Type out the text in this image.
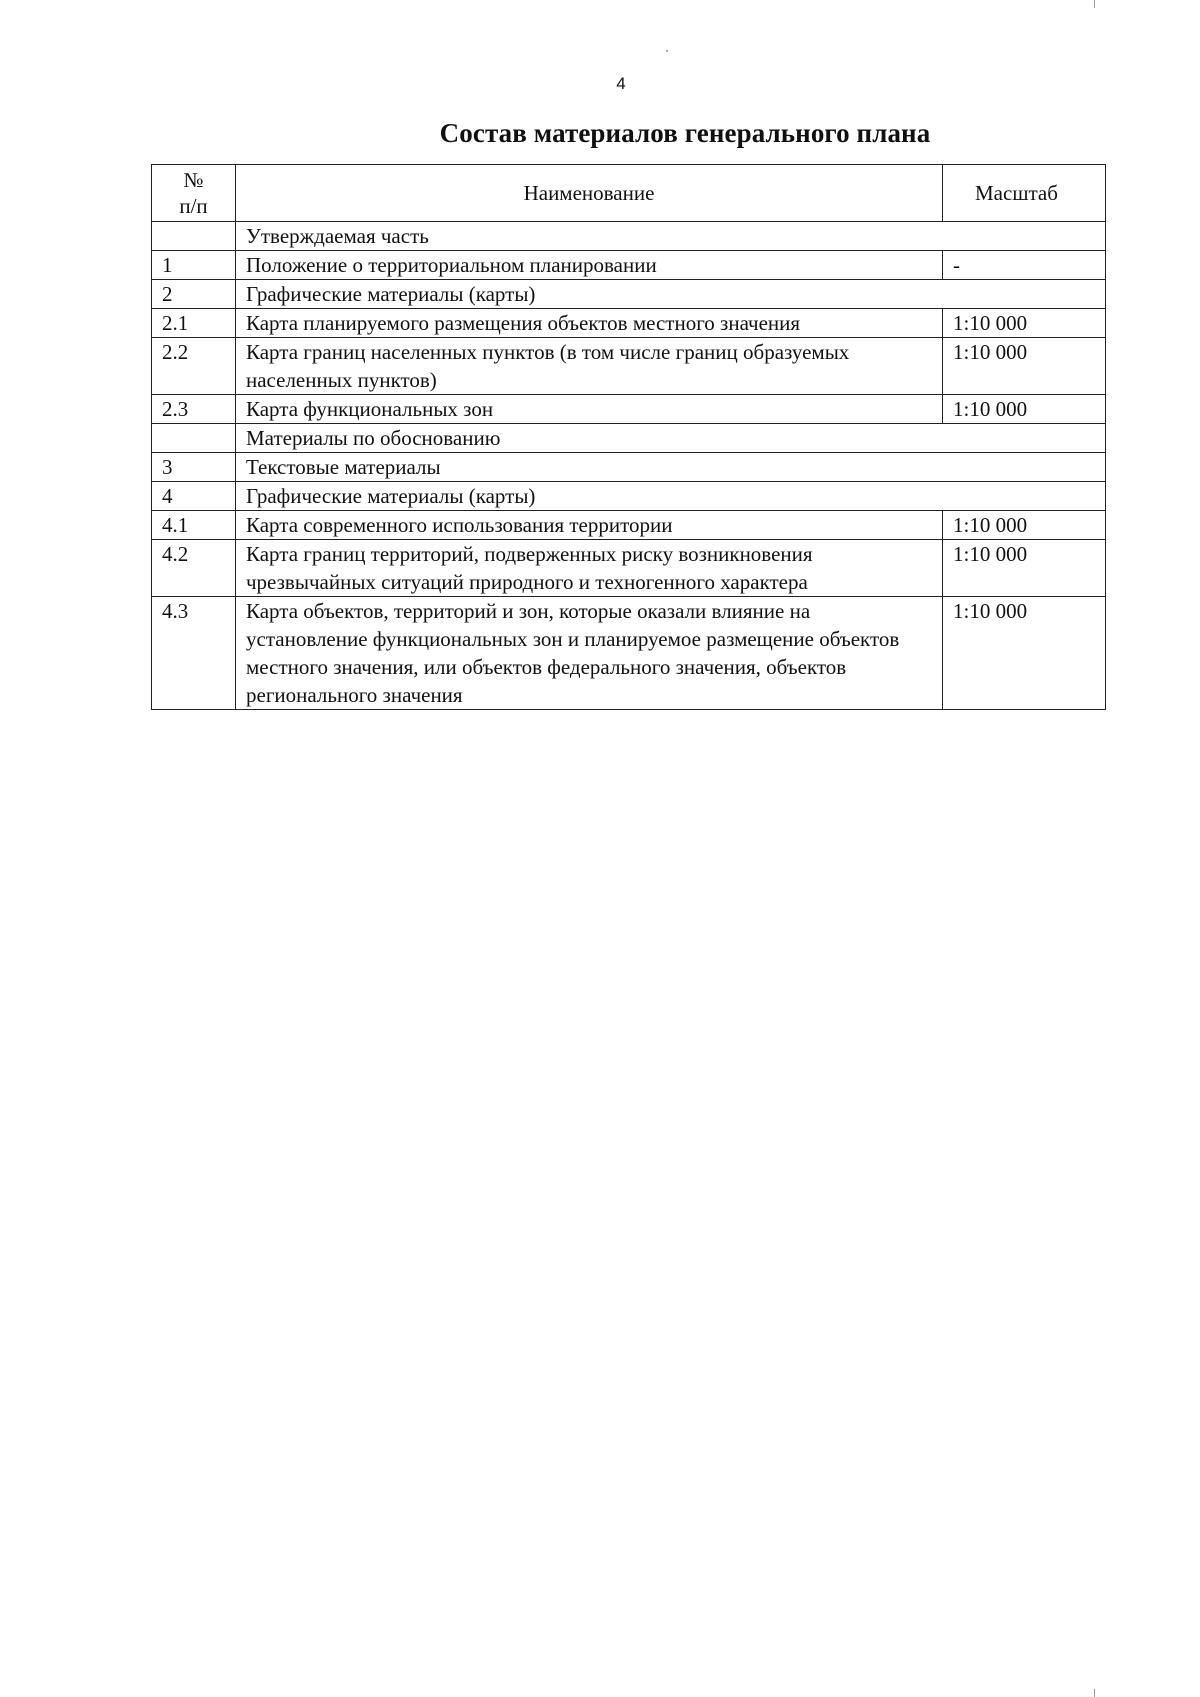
4
Состав материалов генерального плана
№
п/п	Наименование	Масштаб
	Утверждаемая часть	
1	Положение о территориальном планировании	-
2	Графические материалы (карты)	
2.1	Карта планируемого размещения объектов местного значения	1:10 000
2.2	Карта границ населенных пунктов (в том числе границ образуемых населенных пунктов)	1:10 000
2.3	Карта функциональных зон	1:10 000
	Материалы по обоснованию	
3	Текстовые материалы	
4	Графические материалы (карты)	
4.1	Карта современного использования территории	1:10 000
4.2	Карта границ территорий, подверженных риску возникновения чрезвычайных ситуаций природного и техногенного характера	1:10 000
4.3	Карта объектов, территорий и зон, которые оказали влияние на установление функциональных зон и планируемое размещение объектов местного значения, или объектов федерального значения, объектов регионального значения	1:10 000
